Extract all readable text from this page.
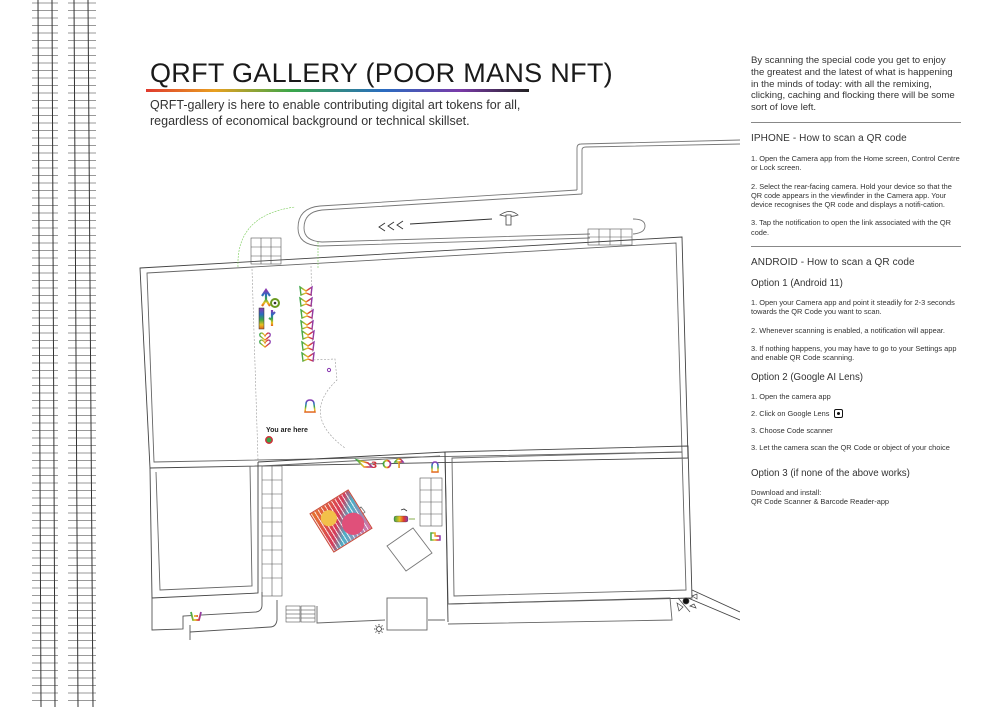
QRFT GALLERY (POOR MANS NFT)
QRFT-gallery is here to enable contributing digital art tokens for all,
regardless of economical background or technical skillset.
3
You are here
By scanning the special code you get to enjoy the greatest and the latest of what is happening in the minds of today: with all the remixing, clicking, caching and flocking there will be some sort of love left.
IPHONE - How to scan a QR code
1. Open the Camera app from the Home screen, Control Centre or Lock screen.
2. Select the rear-facing camera. Hold your device so that the QR code appears in the viewfinder in the Camera app. Your device recognises the QR code and displays a notifi-cation.
3. Tap the notification to open the link associated with the QR code.
ANDROID - How to scan a QR code
Option 1 (Android 11)
1. Open your Camera app and point it steadily for 2-3 seconds towards the QR Code you want to scan.
2. Whenever scanning is enabled, a notification will appear.
3. If nothing happens, you may have to go to your Settings app and enable QR Code scanning.
Option 2 (Google AI Lens)
1. Open the camera app
2. Click on Google Lens
3. Choose Code scanner
3. Let the camera scan the QR Code or object of your choice
Option 3 (if none of the above works)
Download and install:
QR Code Scanner & Barcode Reader-app
